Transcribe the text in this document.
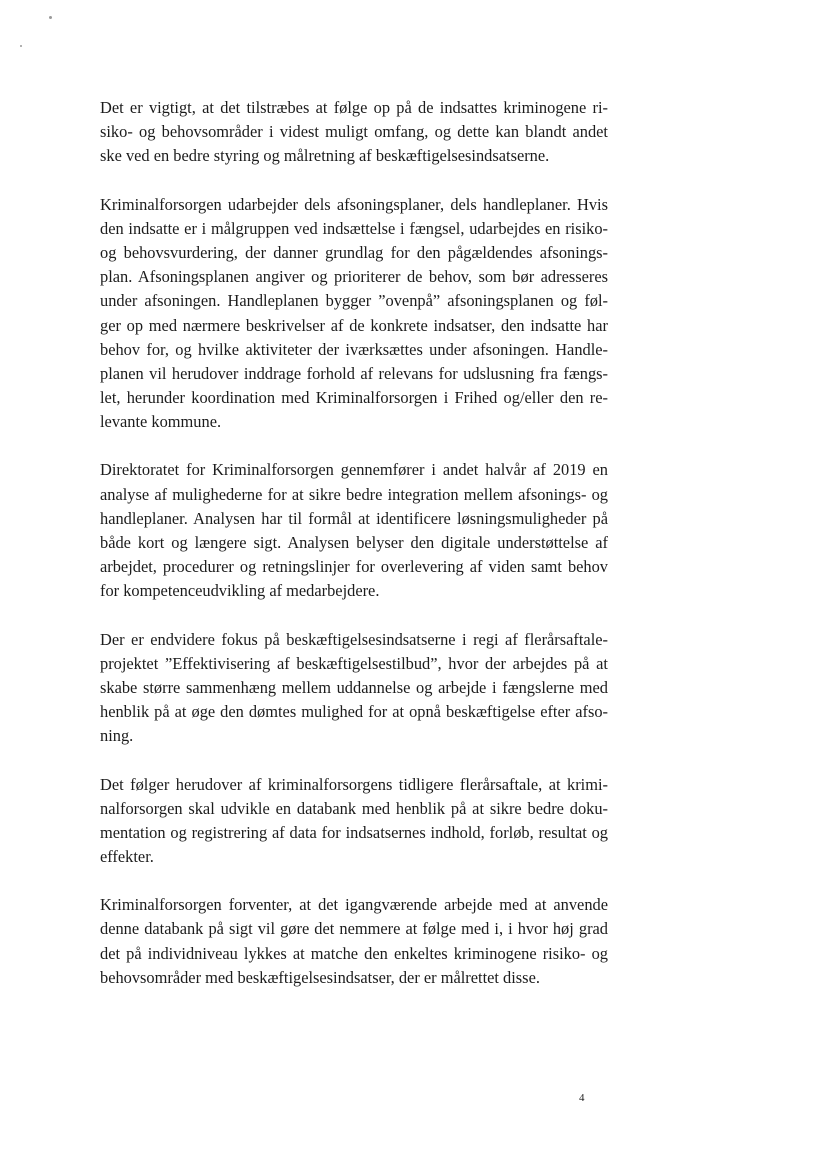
Det er vigtigt, at det tilstræbes at følge op på de indsattes kriminogene ri-
siko- og behovsområder i videst muligt omfang, og dette kan blandt andet
ske ved en bedre styring og målretning af beskæftigelsesindsatserne.

Kriminalforsorgen udarbejder dels afsoningsplaner, dels handleplaner. Hvis
den indsatte er i målgruppen ved indsættelse i fængsel, udarbejdes en risiko-
og behovsvurdering, der danner grundlag for den pågældendes afsonings-
plan. Afsoningsplanen angiver og prioriterer de behov, som bør adresseres
under afsoningen. Handleplanen bygger ”ovenpå” afsoningsplanen og føl-
ger op med nærmere beskrivelser af de konkrete indsatser, den indsatte har
behov for, og hvilke aktiviteter der iværksættes under afsoningen. Handle-
planen vil herudover inddrage forhold af relevans for udslusning fra fængs-
let, herunder koordination med Kriminalforsorgen i Frihed og/eller den re-
levante kommune.

Direktoratet for Kriminalforsorgen gennemfører i andet halvår af 2019 en
analyse af mulighederne for at sikre bedre integration mellem afsonings- og
handleplaner. Analysen har til formål at identificere løsningsmuligheder på
både kort og længere sigt. Analysen belyser den digitale understøttelse af
arbejdet, procedurer og retningslinjer for overlevering af viden samt behov
for kompetenceudvikling af medarbejdere.

Der er endvidere fokus på beskæftigelsesindsatserne i regi af flerårsaftale-
projektet ”Effektivisering af beskæftigelsestilbud”, hvor der arbejdes på at
skabe større sammenhæng mellem uddannelse og arbejde i fængslerne med
henblik på at øge den dømtes mulighed for at opnå beskæftigelse efter afso-
ning.

Det følger herudover af kriminalforsorgens tidligere flerårsaftale, at krimi-
nalforsorgen skal udvikle en databank med henblik på at sikre bedre doku-
mentation og registrering af data for indsatsernes indhold, forløb, resultat og
effekter.

Kriminalforsorgen forventer, at det igangværende arbejde med at anvende
denne databank på sigt vil gøre det nemmere at følge med i, i hvor høj grad
det på individniveau lykkes at matche den enkeltes kriminogene risiko- og
behovsområder med beskæftigelsesindsatser, der er målrettet disse.

4
